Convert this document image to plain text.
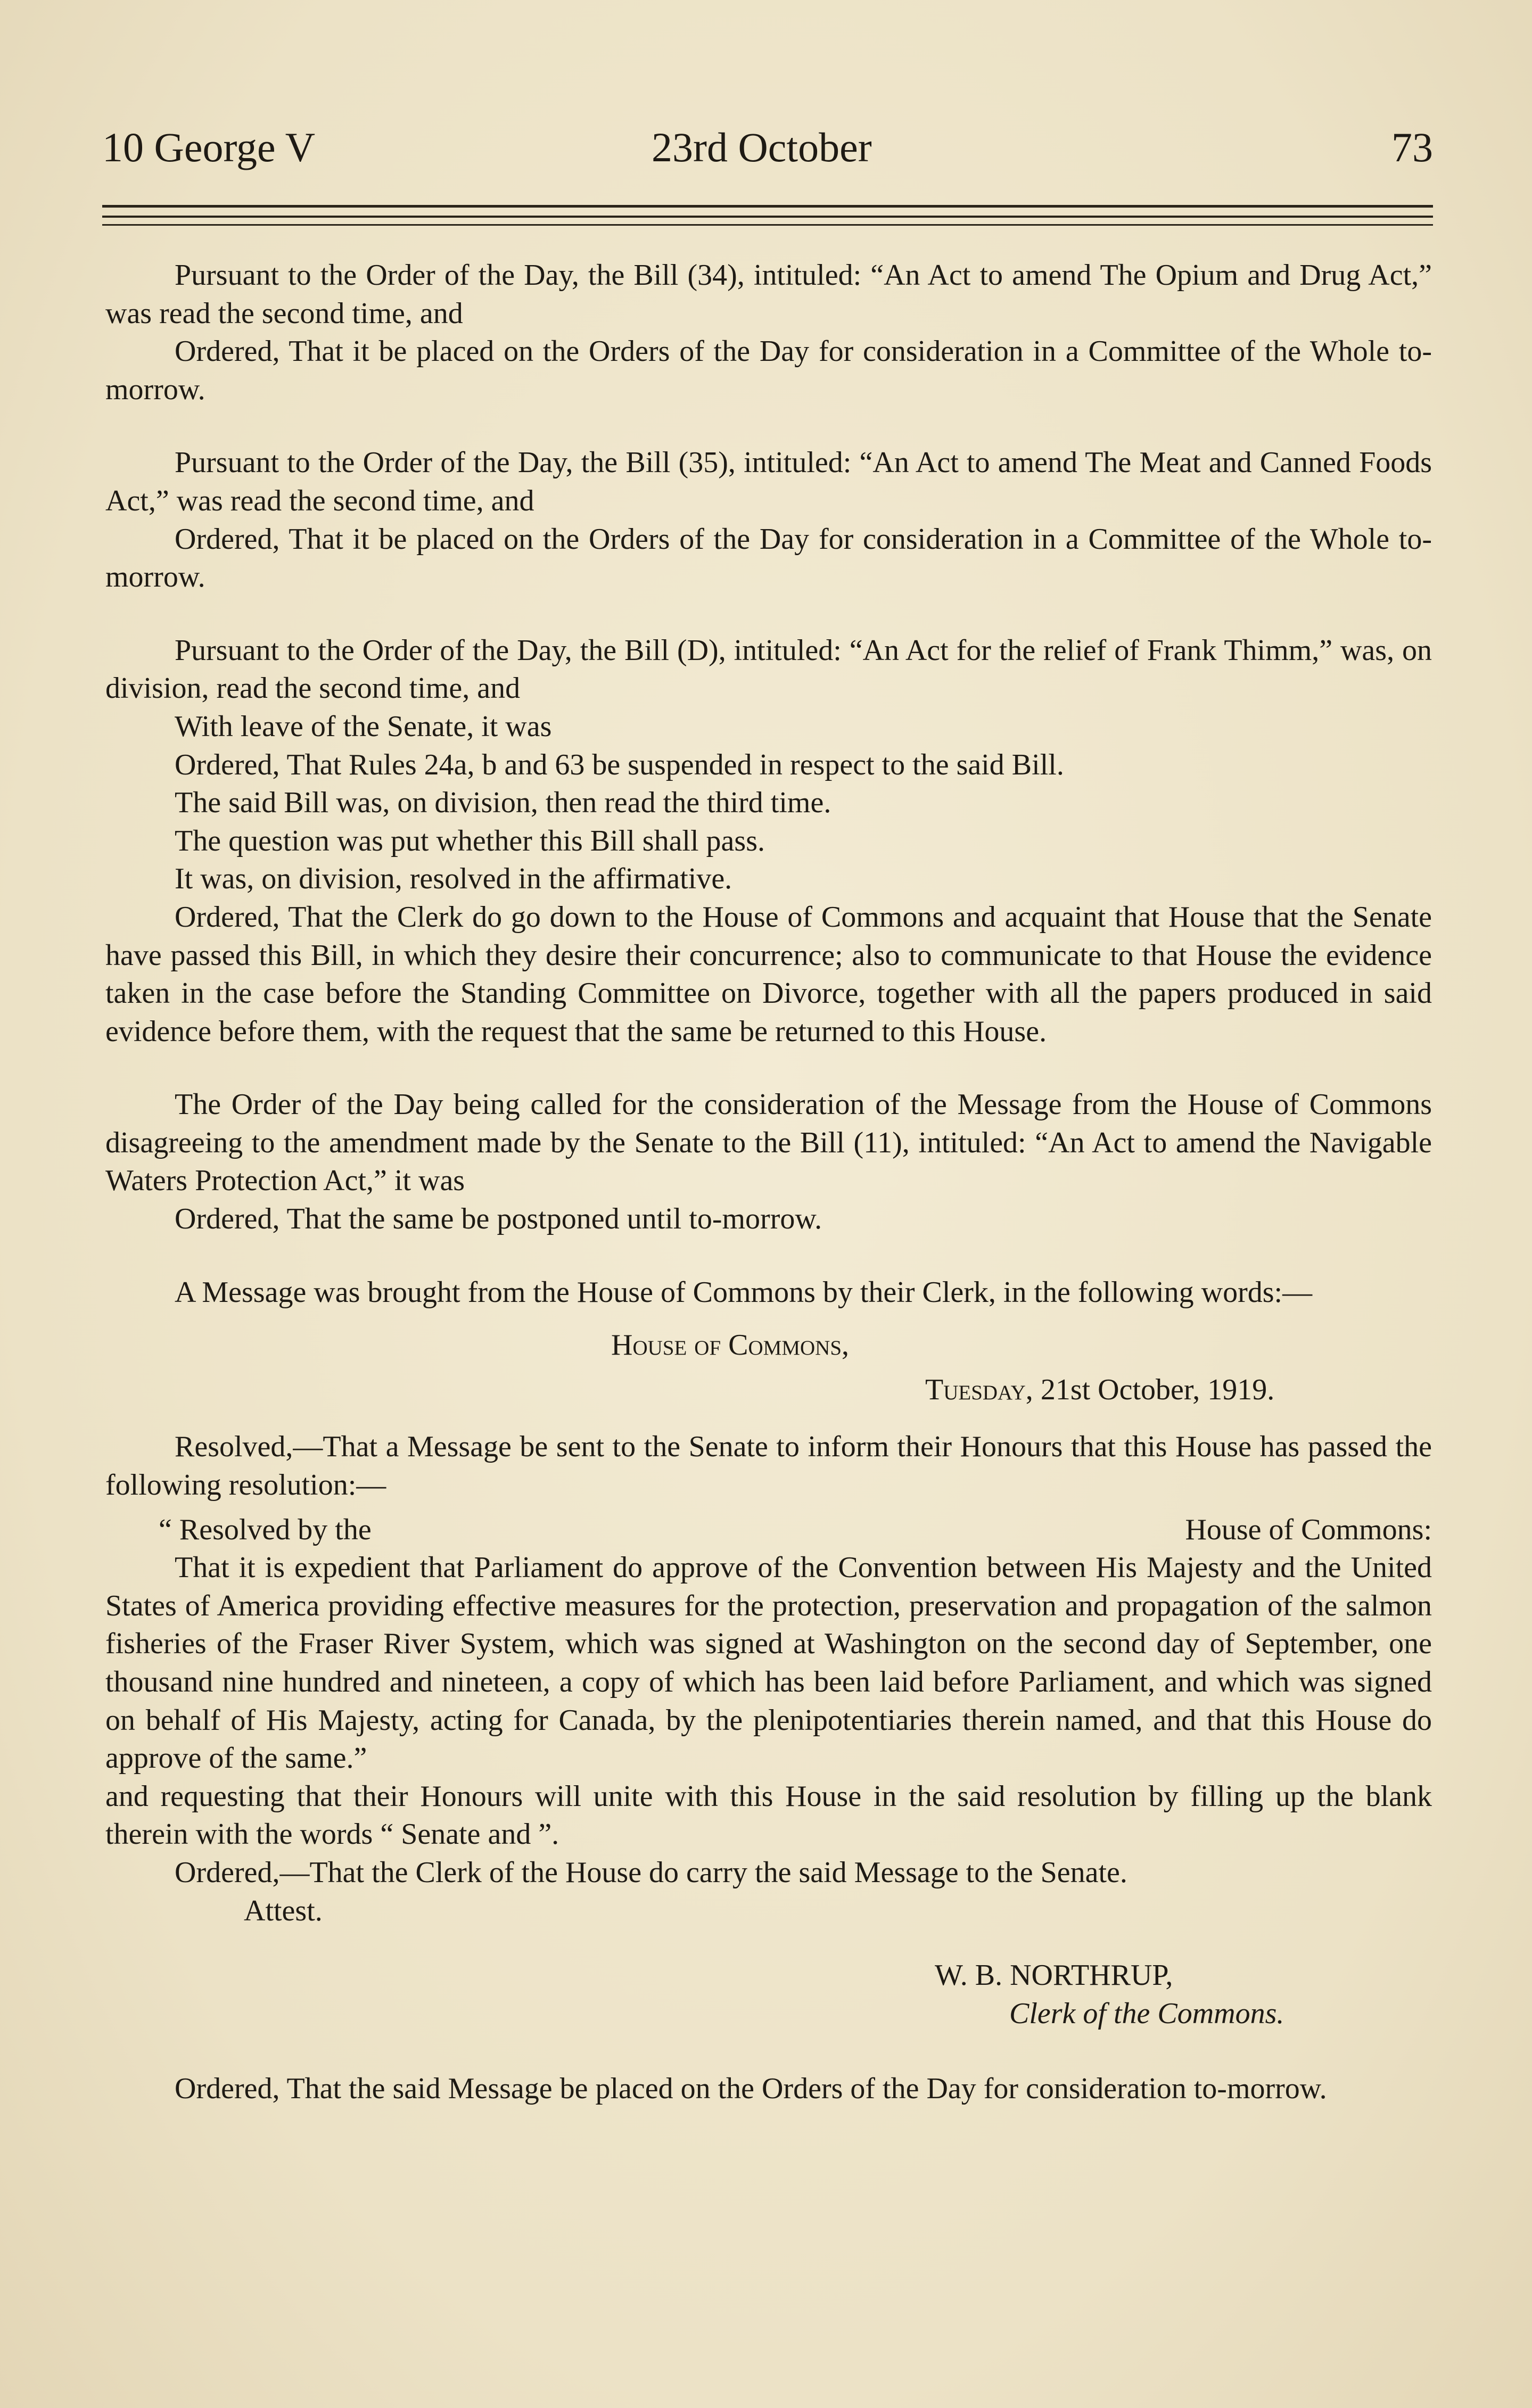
10 George V	23rd October	73

Pursuant to the Order of the Day, the Bill (34), intituled: “An Act to amend The Opium and Drug Act,” was read the second time, and

Ordered, That it be placed on the Orders of the Day for consideration in a Committee of the Whole to-morrow.

Pursuant to the Order of the Day, the Bill (35), intituled: “An Act to amend The Meat and Canned Foods Act,” was read the second time, and

Ordered, That it be placed on the Orders of the Day for consideration in a Committee of the Whole to-morrow.

Pursuant to the Order of the Day, the Bill (D), intituled: “An Act for the relief of Frank Thimm,” was, on division, read the second time, and

With leave of the Senate, it was

Ordered, That Rules 24a, b and 63 be suspended in respect to the said Bill.

The said Bill was, on division, then read the third time.

The question was put whether this Bill shall pass.

It was, on division, resolved in the affirmative.

Ordered, That the Clerk do go down to the House of Commons and acquaint that House that the Senate have passed this Bill, in which they desire their concurrence; also to communicate to that House the evidence taken in the case before the Standing Committee on Divorce, together with all the papers produced in said evidence before them, with the request that the same be returned to this House.

The Order of the Day being called for the consideration of the Message from the House of Commons disagreeing to the amendment made by the Senate to the Bill (11), intituled: “An Act to amend the Navigable Waters Protection Act,” it was

Ordered, That the same be postponed until to-morrow.

A Message was brought from the House of Commons by their Clerk, in the following words:—

House of Commons,

Tuesday, 21st October, 1919.

Resolved,—That a Message be sent to the Senate to inform their Honours that this House has passed the following resolution:—

“ Resolved by the	House of Commons:

That it is expedient that Parliament do approve of the Convention between His Majesty and the United States of America providing effective measures for the protection, preservation and propagation of the salmon fisheries of the Fraser River System, which was signed at Washington on the second day of September, one thousand nine hundred and nineteen, a copy of which has been laid before Parliament, and which was signed on behalf of His Majesty, acting for Canada, by the plenipotentiaries therein named, and that this House do approve of the same.”

and requesting that their Honours will unite with this House in the said resolution by filling up the blank therein with the words “ Senate and ”.

Ordered,—That the Clerk of the House do carry the said Message to the Senate.

Attest.

W. B. NORTHRUP,

Clerk of the Commons.

Ordered, That the said Message be placed on the Orders of the Day for consideration to-morrow.
